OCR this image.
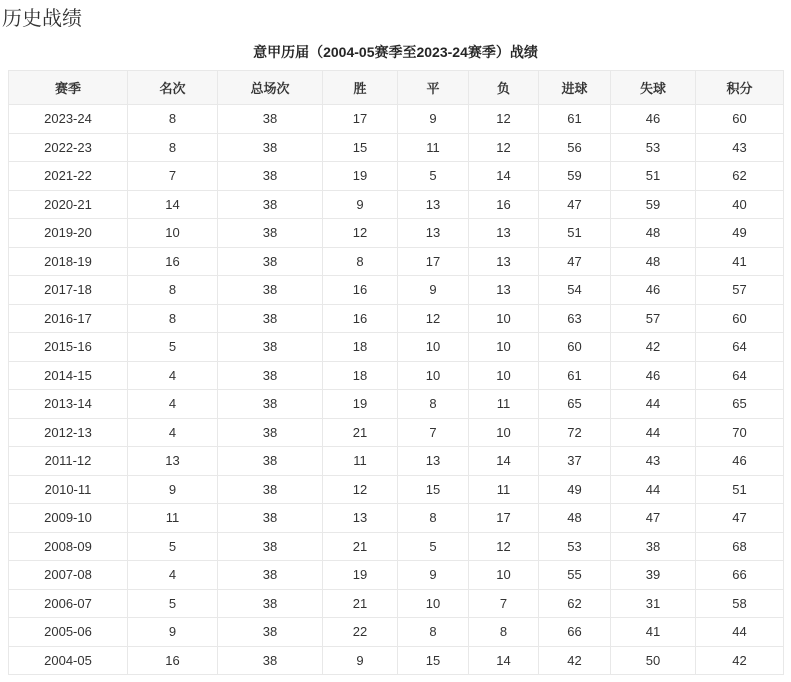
历史战绩
意甲历届（2004-05赛季至2023-24赛季）战绩
赛季	名次	总场次	胜	平	负	进球	失球	积分
2023-24	8	38	17	9	12	61	46	60
2022-23	8	38	15	11	12	56	53	43
2021-22	7	38	19	5	14	59	51	62
2020-21	14	38	9	13	16	47	59	40
2019-20	10	38	12	13	13	51	48	49
2018-19	16	38	8	17	13	47	48	41
2017-18	8	38	16	9	13	54	46	57
2016-17	8	38	16	12	10	63	57	60
2015-16	5	38	18	10	10	60	42	64
2014-15	4	38	18	10	10	61	46	64
2013-14	4	38	19	8	11	65	44	65
2012-13	4	38	21	7	10	72	44	70
2011-12	13	38	11	13	14	37	43	46
2010-11	9	38	12	15	11	49	44	51
2009-10	11	38	13	8	17	48	47	47
2008-09	5	38	21	5	12	53	38	68
2007-08	4	38	19	9	10	55	39	66
2006-07	5	38	21	10	7	62	31	58
2005-06	9	38	22	8	8	66	41	44
2004-05	16	38	9	15	14	42	50	42
